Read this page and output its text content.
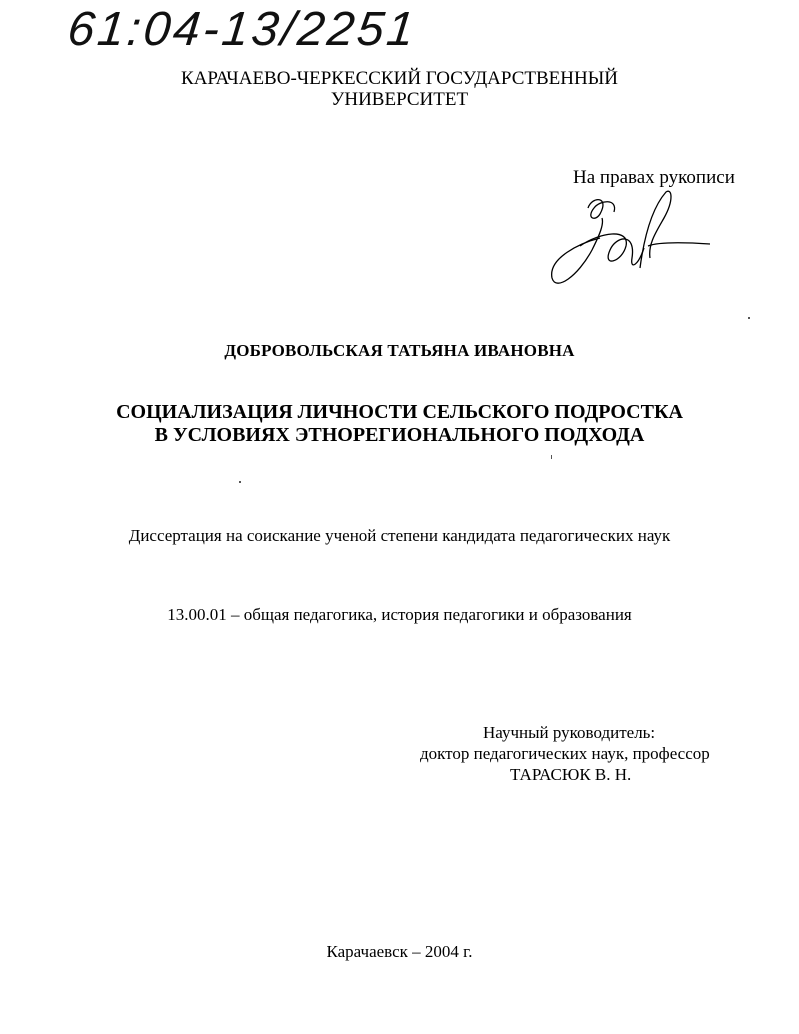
61:04-13/2251
КАРАЧАЕВО-ЧЕРКЕССКИЙ ГОСУДАРСТВЕННЫЙ
УНИВЕРСИТЕТ
На правах рукописи
ДОБРОВОЛЬСКАЯ ТАТЬЯНА ИВАНОВНА
СОЦИАЛИЗАЦИЯ ЛИЧНОСТИ СЕЛЬСКОГО ПОДРОСТКА
В УСЛОВИЯХ ЭТНОРЕГИОНАЛЬНОГО ПОДХОДА
Диссертация на соискание ученой степени кандидата педагогических наук
13.00.01 – общая педагогика, история педагогики и образования
Научный руководитель:
доктор педагогических наук, профессор
ТАРАСЮК В. Н.
Карачаевск – 2004 г.
